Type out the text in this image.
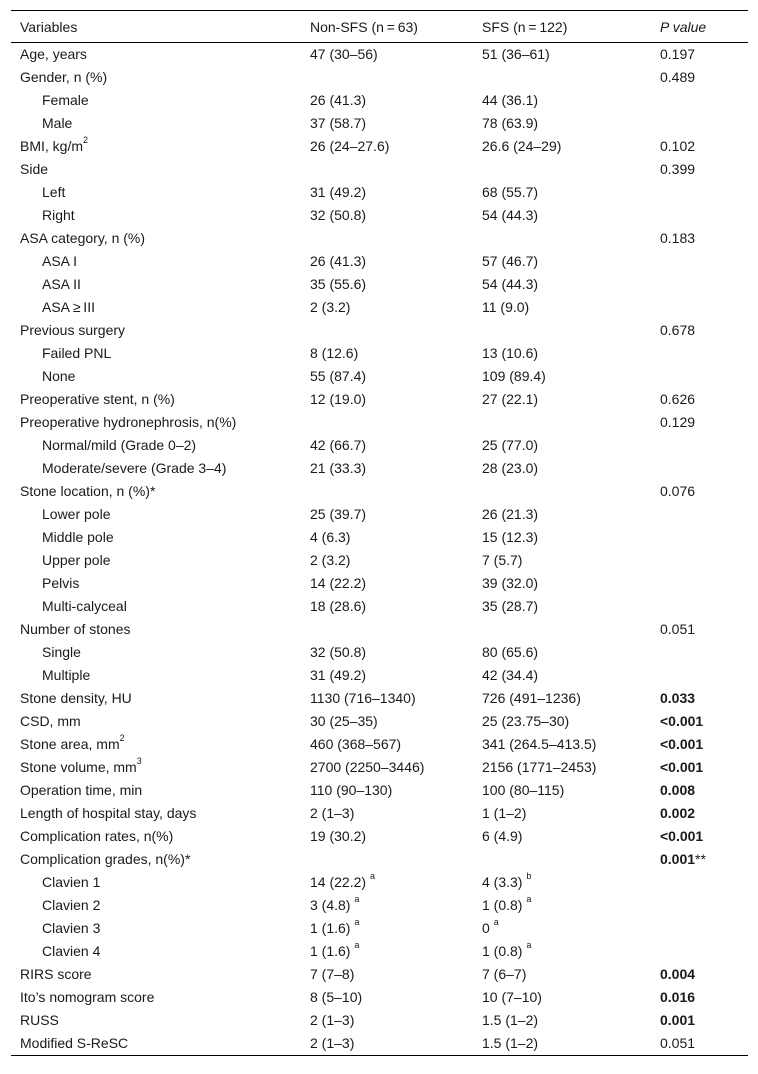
Variables	Non-SFS (n = 63)	SFS (n = 122)	P value
Age, years	47 (30–56)	51 (36–61)	0.197
Gender, n (%)			0.489
Female	26 (41.3)	44 (36.1)	
Male	37 (58.7)	78 (63.9)	
BMI, $kg/m^2$	26 (24–27.6)	26.6 (24–29)	0.102
Side			0.399
Left	31 (49.2)	68 (55.7)	
Right	32 (50.8)	54 (44.3)	
ASA category, n (%)			0.183
ASA I	26 (41.3)	57 (46.7)	
ASA II	35 (55.6)	54 (44.3)	
ASA ≥ III	2 (3.2)	11 (9.0)	
Previous surgery			0.678
Failed PNL	8 (12.6)	13 (10.6)	
None	55 (87.4)	109 (89.4)	
Preoperative stent, n (%)	12 (19.0)	27 (22.1)	0.626
Preoperative hydronephrosis, n(%)			0.129
Normal/mild (Grade 0–2)	42 (66.7)	25 (77.0)	
Moderate/severe (Grade 3–4)	21 (33.3)	28 (23.0)	
Stone location, n (%)*			0.076
Lower pole	25 (39.7)	26 (21.3)	
Middle pole	4 (6.3)	15 (12.3)	
Upper pole	2 (3.2)	7 (5.7)	
Pelvis	14 (22.2)	39 (32.0)	
Multi-calyceal	18 (28.6)	35 (28.7)	
Number of stones			0.051
Single	32 (50.8)	80 (65.6)	
Multiple	31 (49.2)	42 (34.4)	
Stone density, HU	1130 (716–1340)	726 (491–1236)	0.033
CSD, mm	30 (25–35)	25 (23.75–30)	<0.001
Stone area, $mm^2$	460 (368–567)	341 (264.5–413.5)	<0.001
Stone volume, $mm^3$	2700 (2250–3446)	2156 (1771–2453)	<0.001
Operation time, min	110 (90–130)	100 (80–115)	0.008
Length of hospital stay, days	2 (1–3)	1 (1–2)	0.002
Complication rates, n(%)	19 (30.2)	6 (4.9)	<0.001
Complication grades, n(%)*			0.001**
Clavien 1	14 (22.2) $^a$	4 (3.3) $^b$	
Clavien 2	3 (4.8) $^a$	1 (0.8) $^a$	
Clavien 3	1 (1.6) $^a$	0 $^a$	
Clavien 4	1 (1.6) $^a$	1 (0.8) $^a$	
RIRS score	7 (7–8)	7 (6–7)	0.004
Ito’s nomogram score	8 (5–10)	10 (7–10)	0.016
RUSS	2 (1–3)	1.5 (1–2)	0.001
Modified S-ReSC	2 (1–3)	1.5 (1–2)	0.051
